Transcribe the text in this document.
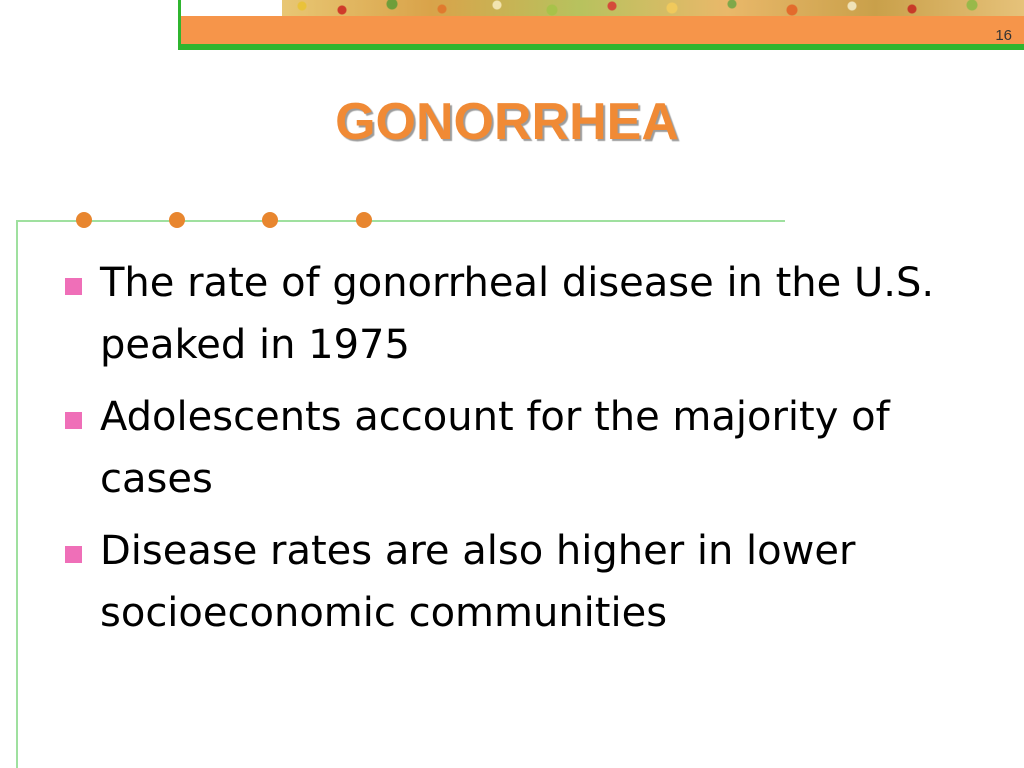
16
GONORRHEA
The rate of gonorrheal disease in the U.S. peaked in 1975
Adolescents account for the majority of cases
Disease rates are also higher in lower socioeconomic communities
